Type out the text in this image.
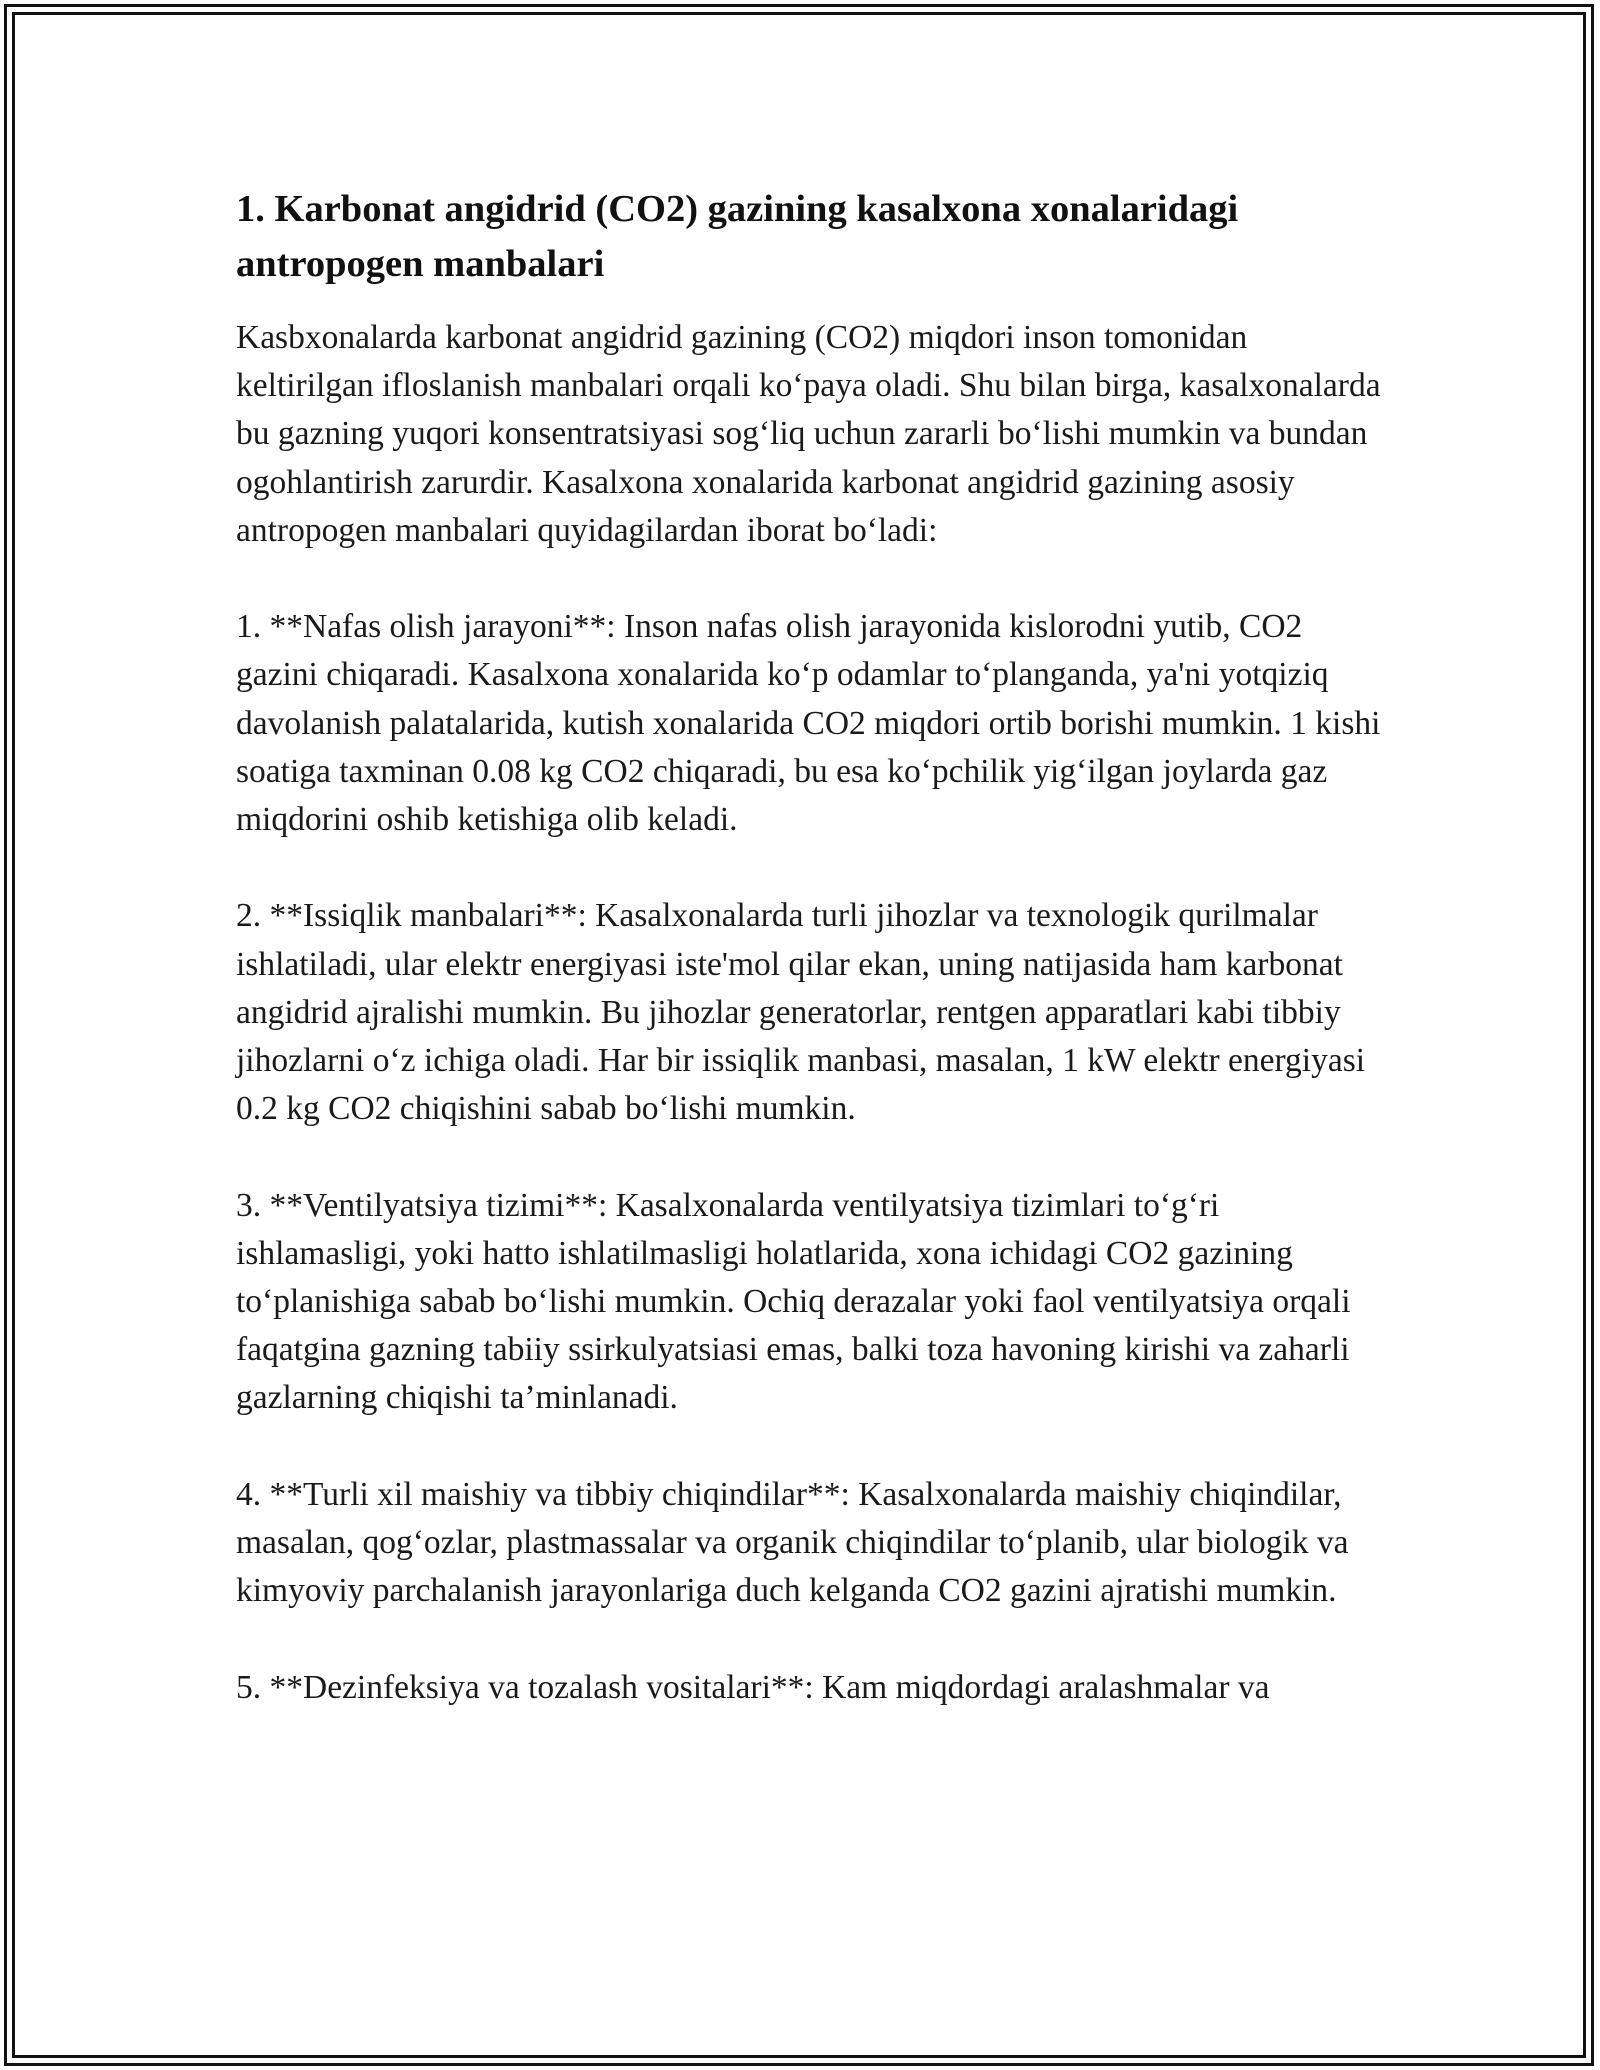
1. Karbonat angidrid (CO2) gazining kasalxona xonalaridagi antropogen manbalari

Kasbxonalarda karbonat angidrid gazining (CO2) miqdori inson tomonidan keltirilgan ifloslanish manbalari orqali ko‘paya oladi. Shu bilan birga, kasalxonalarda bu gazning yuqori konsentratsiyasi sog‘liq uchun zararli bo‘lishi mumkin va bundan ogohlantirish zarurdir. Kasalxona xonalarida karbonat angidrid gazining asosiy antropogen manbalari quyidagilardan iborat bo‘ladi:

1. **Nafas olish jarayoni**: Inson nafas olish jarayonida kislorodni yutib, CO2 gazini chiqaradi. Kasalxona xonalarida ko‘p odamlar to‘planganda, ya'ni yotqiziq davolanish palatalarida, kutish xonalarida CO2 miqdori ortib borishi mumkin. 1 kishi soatiga taxminan 0.08 kg CO2 chiqaradi, bu esa ko‘pchilik yig‘ilgan joylarda gaz miqdorini oshib ketishiga olib keladi.

2. **Issiqlik manbalari**: Kasalxonalarda turli jihozlar va texnologik qurilmalar ishlatiladi, ular elektr energiyasi iste'mol qilar ekan, uning natijasida ham karbonat angidrid ajralishi mumkin. Bu jihozlar generatorlar, rentgen apparatlari kabi tibbiy jihozlarni o‘z ichiga oladi. Har bir issiqlik manbasi, masalan, 1 kW elektr energiyasi 0.2 kg CO2 chiqishini sabab bo‘lishi mumkin.

3. **Ventilyatsiya tizimi**: Kasalxonalarda ventilyatsiya tizimlari to‘g‘ri ishlamasligi, yoki hatto ishlatilmasligi holatlarida, xona ichidagi CO2 gazining to‘planishiga sabab bo‘lishi mumkin. Ochiq derazalar yoki faol ventilyatsiya orqali faqatgina gazning tabiiy ssirkulyatsiasi emas, balki toza havoning kirishi va zaharli gazlarning chiqishi ta’minlanadi.

4. **Turli xil maishiy va tibbiy chiqindilar**: Kasalxonalarda maishiy chiqindilar, masalan, qog‘ozlar, plastmassalar va organik chiqindilar to‘planib, ular biologik va kimyoviy parchalanish jarayonlariga duch kelganda CO2 gazini ajratishi mumkin.

5. **Dezinfeksiya va tozalash vositalari**: Kam miqdordagi aralashmalar va
